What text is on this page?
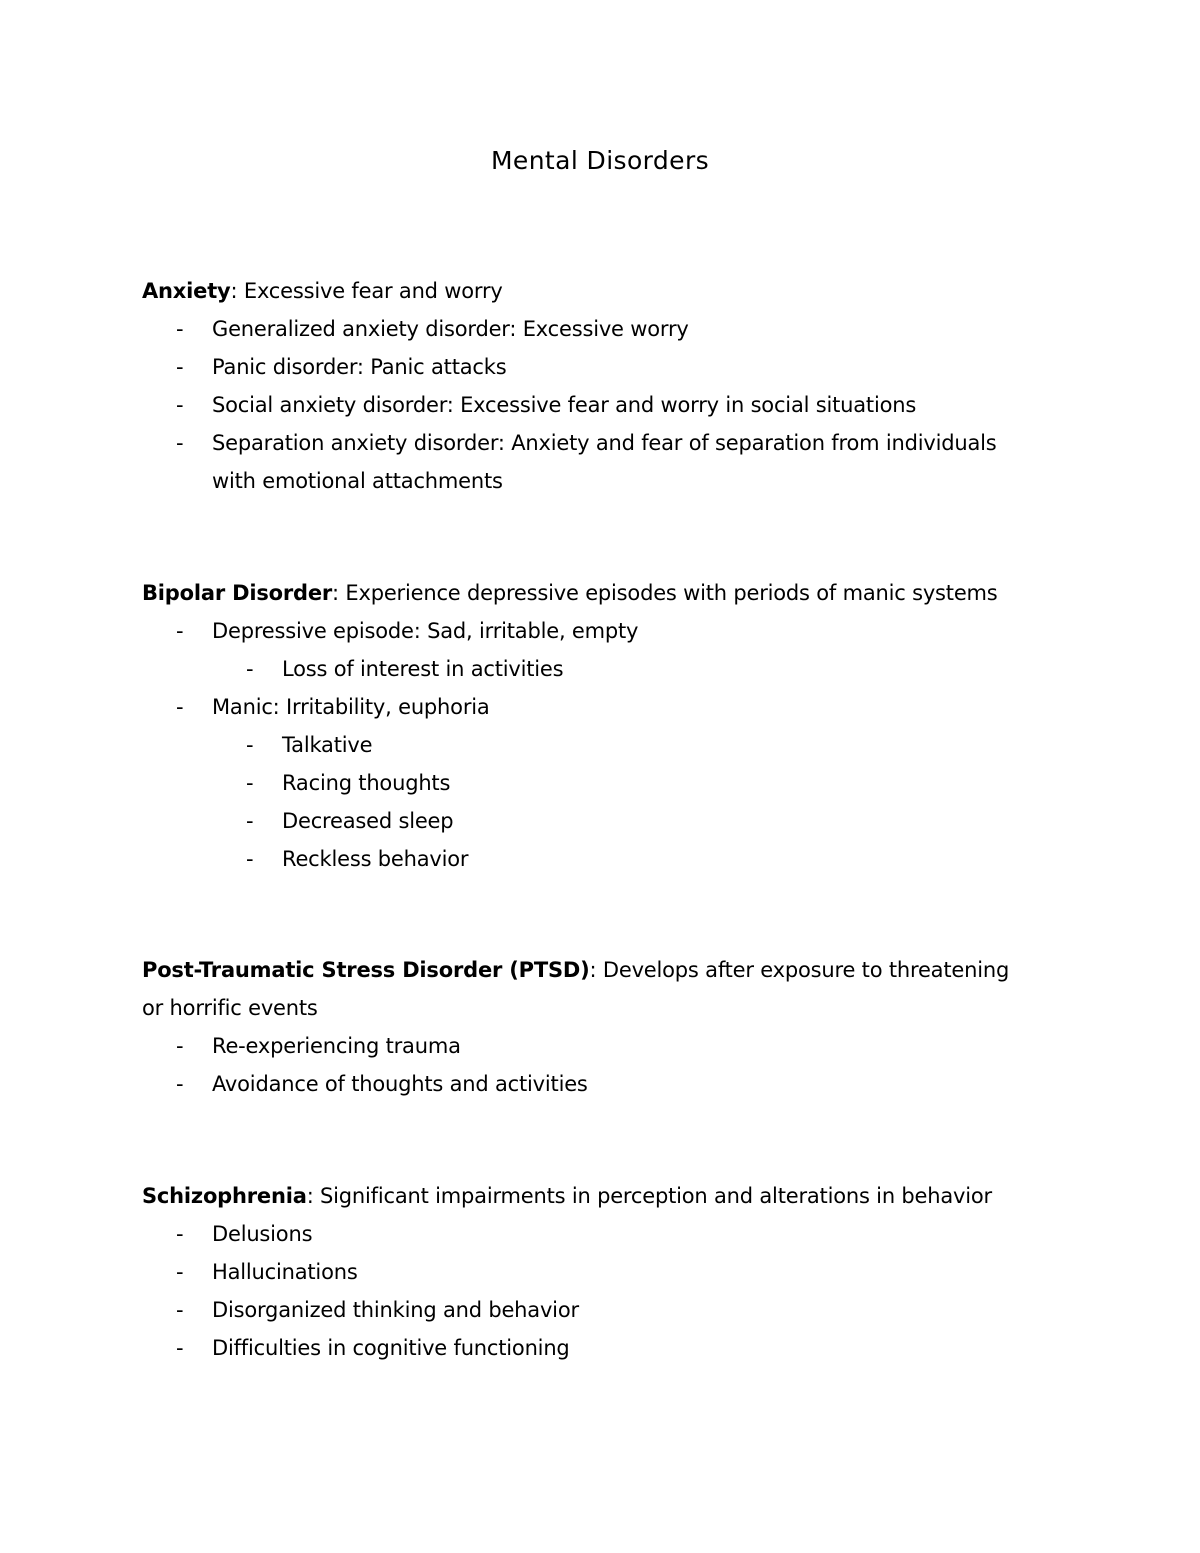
Mental Disorders
Anxiety: Excessive fear and worry
- Generalized anxiety disorder: Excessive worry
- Panic disorder: Panic attacks
- Social anxiety disorder: Excessive fear and worry in social situations
- Separation anxiety disorder: Anxiety and fear of separation from individuals
with emotional attachments
Bipolar Disorder: Experience depressive episodes with periods of manic systems
- Depressive episode: Sad, irritable, empty
- Loss of interest in activities
- Manic: Irritability, euphoria
- Talkative
- Racing thoughts
- Decreased sleep
- Reckless behavior
Post-Traumatic Stress Disorder (PTSD): Develops after exposure to threatening
or horrific events
- Re-experiencing trauma
- Avoidance of thoughts and activities
Schizophrenia: Significant impairments in perception and alterations in behavior
- Delusions
- Hallucinations
- Disorganized thinking and behavior
- Difficulties in cognitive functioning
